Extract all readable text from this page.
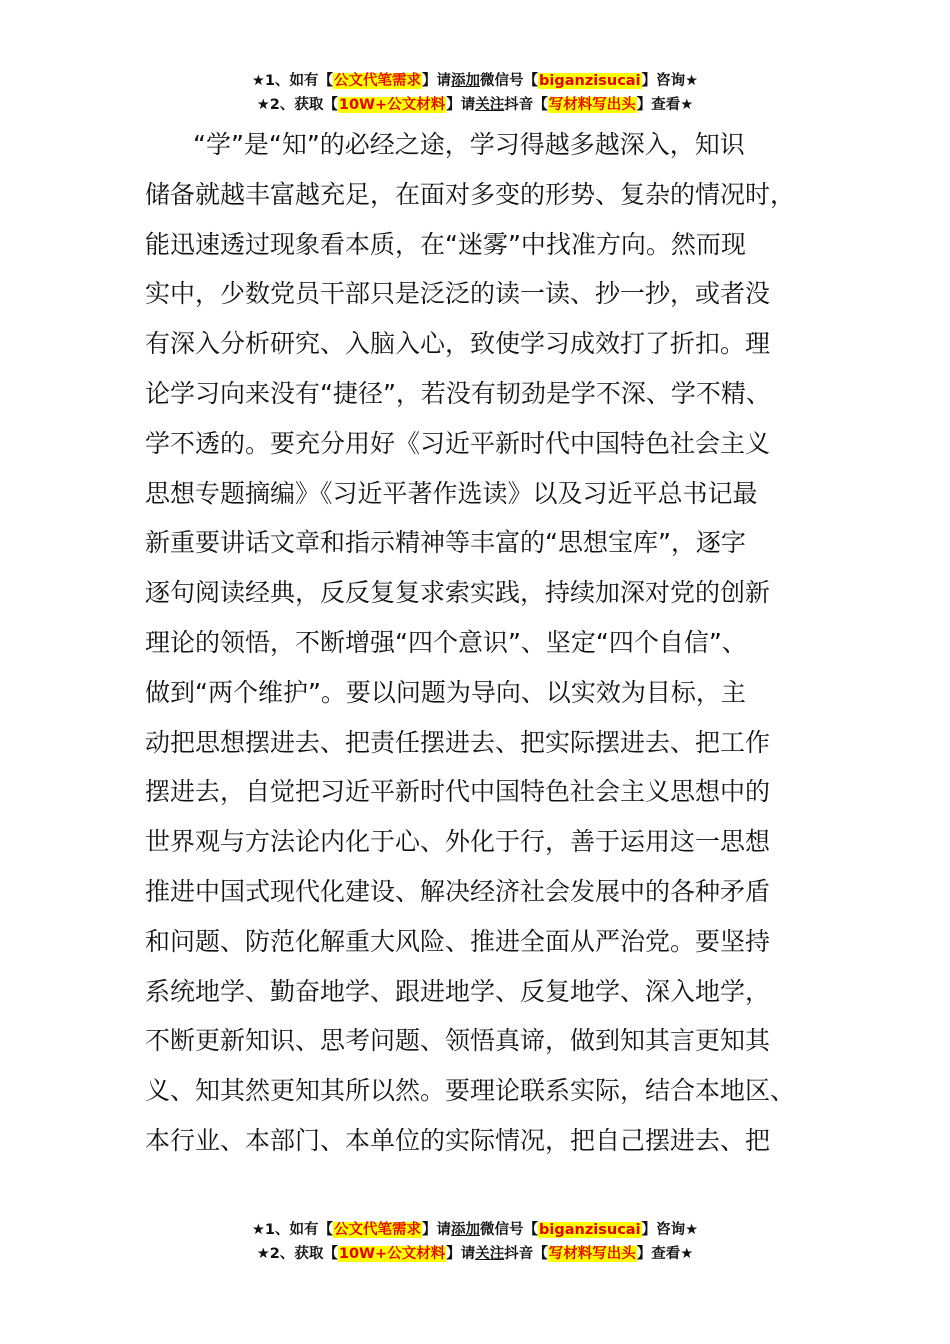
★1、如有【公文代笔需求】请添加微信号【biganzisucai】咨询★
★2、获取【10W+公文材料】请关注抖音【写材料写出头】查看★
“学”是“知”的必经之途，学习得越多越深入，知识
储备就越丰富越充足，在面对多变的形势、复杂的情况时，
能迅速透过现象看本质，在“迷雾”中找准方向。然而现
实中，少数党员干部只是泛泛的读一读、抄一抄，或者没
有深入分析研究、入脑入心，致使学习成效打了折扣。理
论学习向来没有“捷径”，若没有韧劲是学不深、学不精、
学不透的。要充分用好《习近平新时代中国特色社会主义
思想专题摘编》《习近平著作选读》以及习近平总书记最
新重要讲话文章和指示精神等丰富的“思想宝库”，逐字
逐句阅读经典，反反复复求索实践，持续加深对党的创新
理论的领悟，不断增强“四个意识”、坚定“四个自信”、
做到“两个维护”。要以问题为导向、以实效为目标，主
动把思想摆进去、把责任摆进去、把实际摆进去、把工作
摆进去，自觉把习近平新时代中国特色社会主义思想中的
世界观与方法论内化于心、外化于行，善于运用这一思想
推进中国式现代化建设、解决经济社会发展中的各种矛盾
和问题、防范化解重大风险、推进全面从严治党。要坚持
系统地学、勤奋地学、跟进地学、反复地学、深入地学，
不断更新知识、思考问题、领悟真谛，做到知其言更知其
义、知其然更知其所以然。要理论联系实际，结合本地区、
本行业、本部门、本单位的实际情况，把自己摆进去、把
★1、如有【公文代笔需求】请添加微信号【biganzisucai】咨询★
★2、获取【10W+公文材料】请关注抖音【写材料写出头】查看★
